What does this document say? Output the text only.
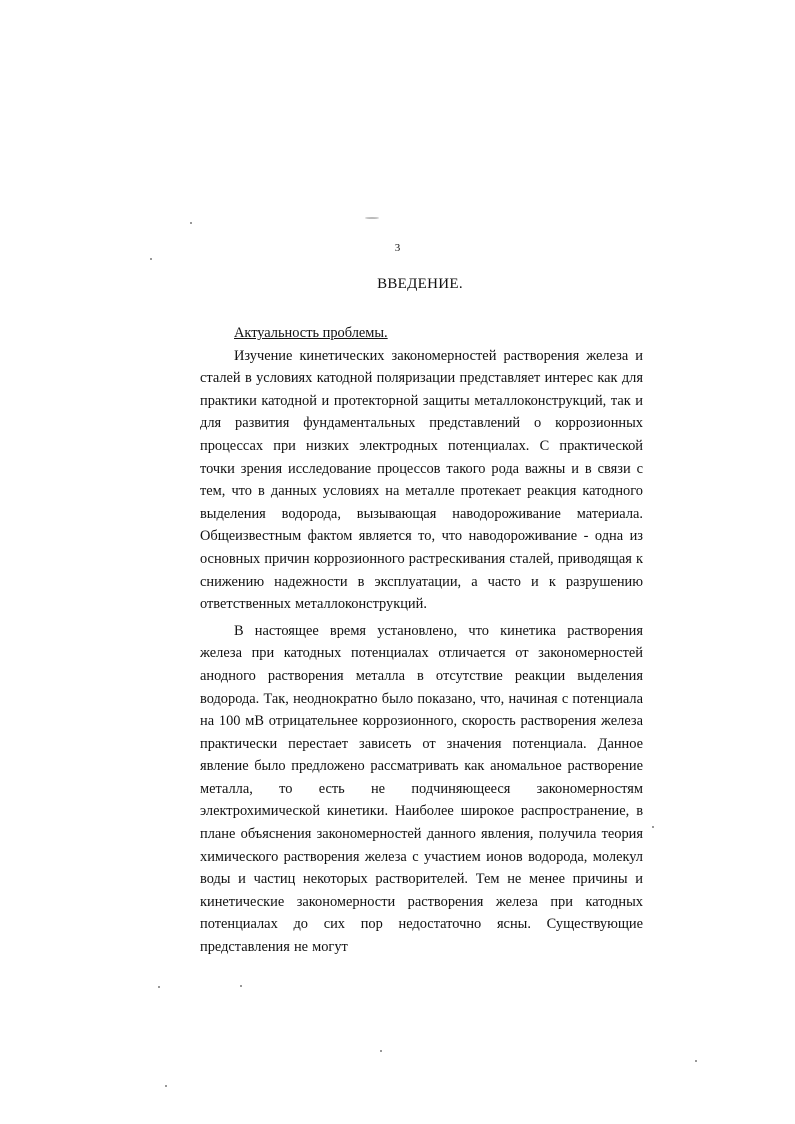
3
ВВЕДЕНИЕ.

Актуальность проблемы.

Изучение кинетических закономерностей растворения железа и сталей в условиях катодной поляризации представляет интерес как для практики катодной и протекторной защиты металлоконструкций, так и для развития фундаментальных представлений о коррозионных процессах при низких электродных потенциалах. С практической точки зрения исследование процессов такого рода важны и в связи с тем, что в данных условиях на металле протекает реакция катодного выделения водорода, вызывающая наводороживание материала. Общеизвестным фактом является то, что наводороживание - одна из основных причин коррозионного растрескивания сталей, приводящая к снижению надежности в эксплуатации, а часто и к разрушению ответственных металлоконструкций.

В настоящее время установлено, что кинетика растворения железа при катодных потенциалах отличается от закономерностей анодного растворения металла в отсутствие реакции выделения водорода. Так, неоднократно было показано, что, начиная с потенциала на 100 мВ отрицательнее коррозионного, скорость растворения железа практически перестает зависеть от значения потенциала. Данное явление было предложено рассматривать как аномальное растворение металла, то есть не подчиняющееся закономерностям электрохимической кинетики. Наиболее широкое распространение, в плане объяснения закономерностей данного явления, получила теория химического растворения железа с участием ионов водорода, молекул воды и частиц некоторых растворителей. Тем не менее причины и кинетические закономерности растворения железа при катодных потенциалах до сих пор недостаточно ясны. Существующие представления не могут
